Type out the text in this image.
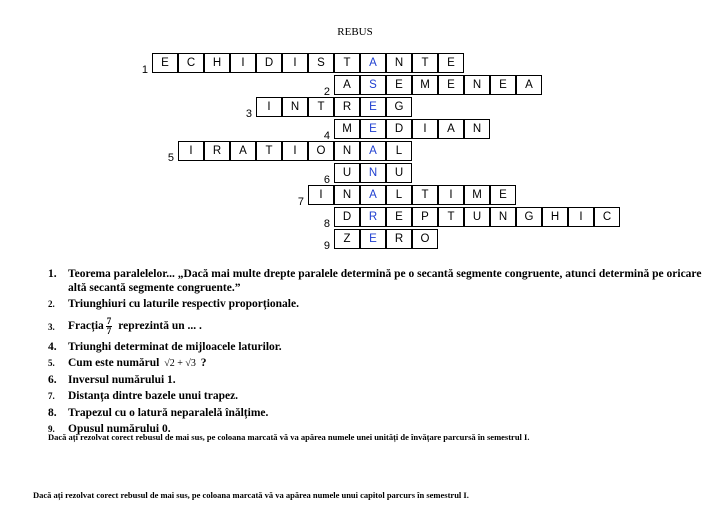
REBUS
1
E	C	H	I	D	I	S	T	A	N	T	E
2
A	S	E	M	E	N	E	A
3
I	N	T	R	E	G
4
M	E	D	I	A	N
5
I	R	A	T	I	O	N	A	L
6
U	N	U
7
I	N	A	L	T	I	M	E
8
D	R	E	P	T	U	N	G	H	I	C
9
Z	E	R	O
1. Teorema paralelelor... „Dacă mai multe drepte paralele determină pe o secantă segmente congruente, atunci determină pe oricare altă secantă segmente congruente.”
2. Triunghiuri cu laturile respectiv proporționale.
3. Fracția $\frac{7}{7}$ reprezintă un ... .
4. Triunghi determinat de mijloacele laturilor.
5. Cum este numărul √2 + √3 ?
6. Inversul numărului 1.
7. Distanța dintre bazele unui trapez.
8. Trapezul cu o latură neparalelă înălțime.
9. Opusul numărului 0.
Dacă ați rezolvat corect rebusul de mai sus, pe coloana marcată vă va apărea numele unei unități de învățare parcursă în semestrul I.
Dacă ați rezolvat corect rebusul de mai sus, pe coloana marcată vă va apărea numele unui capitol parcurs în semestrul I.
